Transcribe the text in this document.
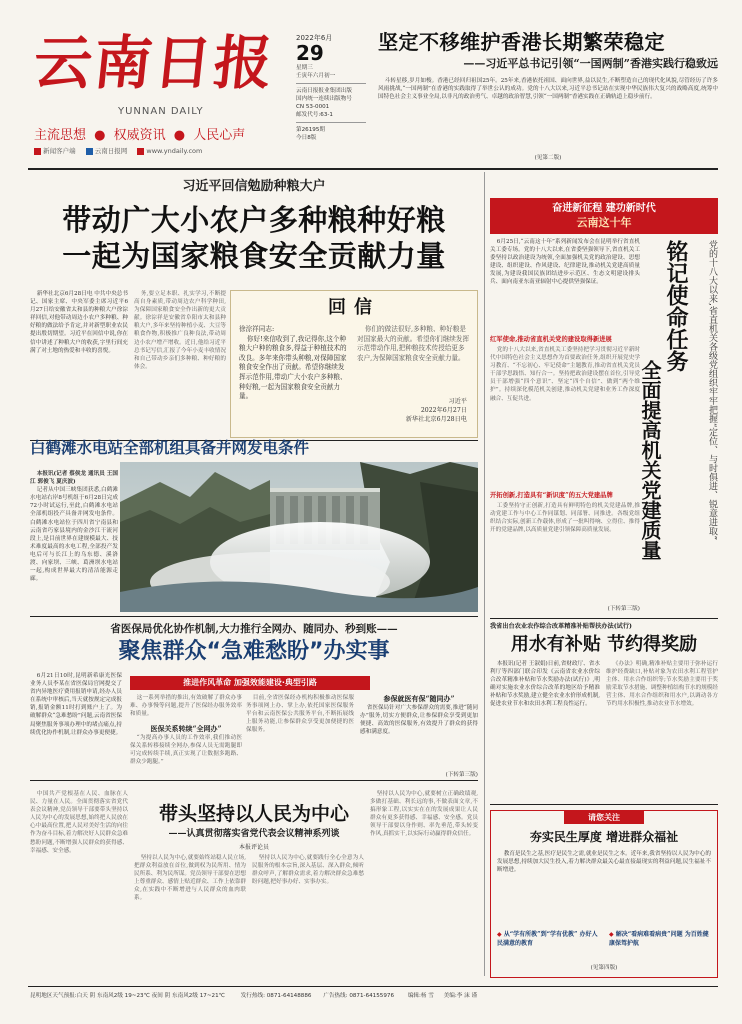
云南日报
YUNNAN DAILY
主流思想 ● 权威资讯 ● 人民心声
新闻客户端	云南日报网	www.yndaily.com
2022年6月
29
星期三
壬寅年六月初一
云南日报报业集团出版
国内统一连续出版物号
CN 53-0001
邮发代号:63-1
第26195期
今日8版
坚定不移维护香港长期繁荣稳定
——习近平总书记引领“一国两制”香港实践行稳致远

斗转星移,岁月如梭。香港已经回归祖国25年。25年来,香港依托祖国、面向世界,益以民生,不断塑造自己的现代化风貌,尽管经历了许多风雨挑战,“一国两制”在香港的实践取得了举世公认的成功。党的十八大以来,习近平总书记站在实现中华民族伟大复兴的战略高度,统筹中国特色社会主义事业全局,以非凡的政治勇气、卓越的政治智慧,引领“一国两制”香港实践在正确轨道上稳步前行。

(见第二版)
习近平回信勉励种粮大户
带动广大小农户多种粮种好粮
一起为国家粮食安全贡献力量

新华社北京6月28日电 中共中央总书记、国家主席、中央军委主席习近平6月27日给安徽省太和县的种粮大户徐淙祥回信,对他带动周边小农户多种粮、种好粮的做法给予肯定,并对新型职业农民提出殷切期望。习近平在回信中说,你在信中讲述了种粮大户的收获,字里行间充满了对土地的热爱和丰收的喜悦。

务,要立足本职、扎实学习,不断提高自身素质,带动周边农户科学种田,为保障国家粮食安全作出新的更大贡献。徐淙祥是安徽省阜阳市太和县种粮大户,多年来坚持种植小麦、大豆等粮食作物,积极推广良种良法,带动周边小农户增产增收。近日,他给习近平总书记写信,汇报了今年小麦丰收情况和自己带动乡亲们多种粮、种好粮的体会。

回信
徐淙祥同志:
你好!来信收到了,我记得你,这个种粮大户种的粮食多,得益于种植技术的改良。多年来你带头种粮,对保障国家粮食安全作出了贡献。希望你继续发挥示范作用,带动广大小农户多种粮、种好粮,一起为国家粮食安全贡献力量。
你们的做法很好,多种粮、种好粮是对国家最大的贡献。希望你们继续发挥示范带动作用,把种粮技术传授给更多农户,为保障国家粮食安全贡献力量。
习近平
2022年6月27日
新华社北京6月28日电
白鹤滩水电站全部机组具备并网发电条件

本报讯(记者 蔡侯龙 通讯员 王国江 郭俊飞 夏庆波)

记者从中国三峡集团获悉,白鹤滩水电站右岸8号机组于6月28日完成72小时试运行,至此,白鹤滩水电站全部机组投产具备并网发电条件。白鹤滩水电站位于四川省宁南县和云南省巧家县境内的金沙江干流河段上,是目前世界在建规模最大、技术难度最高的水电工程,全部投产发电后可与长江上的乌东德、溪洛渡、向家坝、三峡、葛洲坝水电站一起,构成世界最大的清洁能源走廊。

省医保局优化协作机制,大力推行全网办、随同办、秒到账——
聚焦群众“急难愁盼”办实事

6月21日10时,昆明新希康光医保业务人员李某在省医保局官网提交了省内异地医疗费用报销申请,经办人员在系统中审核后,当天就按规定完成报销,报销金额11时打到账户上了。为破解群众“急难愁盼”问题,云南省医保局聚焦服务事项办理中的堵点痛点,持续优化协作机制,让群众办事更便捷。

推进作风革命 加强效能建设·典型引路

这一系列举措的推出,有效破解了群众办事难、办事慢等问题,提升了医保经办服务效率和质量。

医保关系转续“全网办”

“为提高办事人员的工作效率,我们推动医保关系转移接续全网办,参保人员无需跑腿即可完成转续手续,真正实现了让数据多跑路、群众少跑腿。”

目前,全省医保经办机构积极推动医保服务事项网上办、掌上办,依托国家医保服务平台和云南医保公共服务平台,不断拓展线上服务功能,让参保群众享受更加便捷的医保服务。

参保就医有保“随同办”

省医保局针对广大参保群众的需要,推进“随同办”服务,切实方便群众,让参保群众享受到更加便捷、高效的医保服务,有效提升了群众的获得感和满意度。

(下转第三版)

中国共产党根基在人民、血脉在人民、力量在人民。全面贯彻落实省党代表会议精神,党员领导干部要带头坚持以人民为中心的发展思想,始终把人民放在心中最高位置,把人民对美好生活的向往作为奋斗目标,着力解决好人民群众急难愁盼问题,不断增强人民群众的获得感、幸福感、安全感。

带头坚持以人民为中心
——认真贯彻落实省党代表会议精神系列谈
本报评论员

坚持以人民为中心,就要始终站稳人民立场,把群众利益放在首位,做到权为民所用、情为民所系、利为民所谋。党员领导干部要在思想上尊重群众、感情上贴近群众、工作上依靠群众,在实践中不断增进与人民群众的血肉联系。

坚持以人民为中心,就要践行全心全意为人民服务的根本宗旨,深入基层、深入群众,倾听群众呼声,了解群众需求,着力解决群众急难愁盼问题,把好事办好、实事办实。

坚持以人民为中心,就要树立正确政绩观,多做打基础、利长远的事,不做表面文章,不搞形象工程,以实实在在的发展成果让人民群众有更多获得感、幸福感、安全感。党员领导干部要以身作则、率先垂范,带头转变作风,真抓实干,以实际行动赢得群众信任。

奋进新征程 建功新时代
云南这十年

6月25日,“云南这十年”系列新闻发布会在昆明举行省直机关工委专场。党的十八大以来,在省委坚强领导下,省直机关工委坚持以政治建设为统领,全面加强机关党的政治建设、思想建设、组织建设、作风建设、纪律建设,推动机关党建高质量发展,为建设我国民族团结进步示范区、生态文明建设排头兵、面向南亚东南亚辐射中心提供坚强保证。

红军使命,推动省直机关党的建设取得新进展

党的十八大以来,省直机关工委坚持把学习贯彻习近平新时代中国特色社会主义思想作为首要政治任务,组织开展党史学习教育、“不忘初心、牢记使命”主题教育,推动省直机关党员干部学思践悟、知行合一。坚持把政治建设摆在首位,引导党员干部增强“四个意识”、坚定“四个自信”、做到“两个维护”。持续深化模范机关创建,推动机关党建和业务工作深度融合、互促共进。

开拓创新,打造具有“新识度”的五大党建品牌

工委坚持守正创新,打造具有鲜明特色的机关党建品牌,推动党建工作与中心工作同谋划、同部署、同推进。各级党组织结合实际,创新工作载体,形成了一批叫得响、立得住、推得开的党建品牌,以高质量党建引领保障高质量发展。

(下转第三版)
铭记使命任务
全面提高机关党建质量	党的十八大以来,省直机关各级党组织牢牢把握“定位、与时俱进、锐意进取”
我省出台农业农作综合改革精准补贴帮扶办法(试行)
用水有补贴 节约得奖励

本报讯(记者 王淑娟)日前,省财政厅、省水利厅等四部门联合印发《云南省农业水价综合改革精准补贴和节水奖励办法(试行)》,明确对实施农业水价综合改革的地区给予精准补贴和节水奖励,建立健全农业水价形成机制,促进农业节水和农田水利工程良性运行。

《办法》明确,精准补贴主要用于弥补运行维护经费缺口,补贴对象为农田水利工程管护主体、用水合作组织等;节水奖励主要用于奖励采取节水措施、调整种植结构节水的规模经营主体、用水合作组织和用水户,以调动各方节约用水积极性,推动农业节水增效。

请您关注
夯实民生厚度 增进群众福祉

教育是民生之基,医疗是民生之需,就业是民生之本。近年来,我省坚持以人民为中心的发展思想,持续加大民生投入,着力解决群众最关心最直接最现实的利益问题,民生福祉不断增进。

◆ 从“学有所教”到“学有优教” 办好人民满意的教育
◆ 解决“看病难看病贵”问题 为百姓健康保驾护航
(见第四版)
昆明地区天气预报:白天 阴 东南风2级 19~23℃ 夜间 阴 东南风2级 17~21℃	发行热线: 0871-64148886 广告热线: 0871-64155976 编辑:杨 雪 美编:李 沫 谨
